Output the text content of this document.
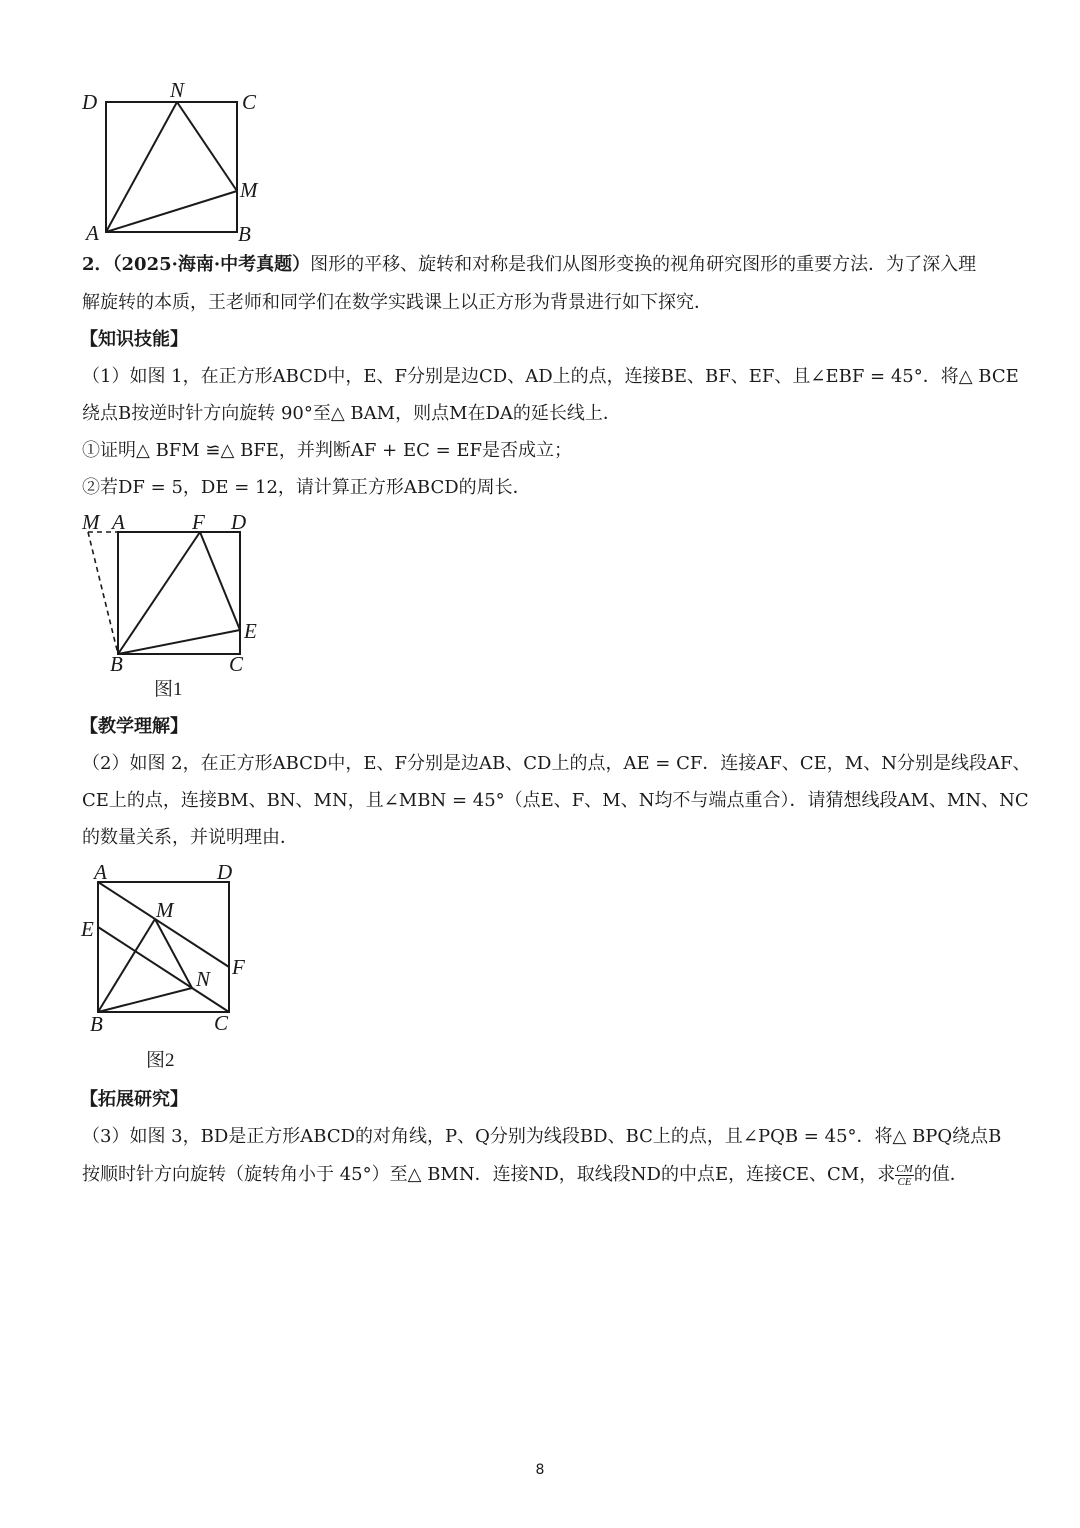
D	N	C
M
A	B
2．（2025·海南·中考真题）图形的平移、旋转和对称是我们从图形变换的视角研究图形的重要方法．为了深入理
解旋转的本质，王老师和同学们在数学实践课上以正方形为背景进行如下探究．
【知识技能】
（1）如图 1，在正方形ABCD中，E、F分别是边CD、AD上的点，连接BE、BF、EF、且∠EBF = 45°．将△ BCE
绕点B按逆时针方向旋转 90°至△ BAM，则点M在DA的延长线上．
①证明△ BFM ≌△ BFE，并判断AF + EC = EF是否成立；
②若DF = 5，DE = 12，请计算正方形ABCD的周长．
M A	F D
E
B	C
图1
【教学理解】
（2）如图 2，在正方形ABCD中，E、F分别是边AB、CD上的点，AE = CF．连接AF、CE，M、N分别是线段AF、
CE上的点，连接BM、BN、MN，且∠MBN = 45°（点E、F、M、N均不与端点重合）．请猜想线段AM、MN、NC
的数量关系，并说明理由．
A	D
M
E
F
N
B	C
图2
【拓展研究】
（3）如图 3，BD是正方形ABCD的对角线，P、Q分别为线段BD、BC上的点，且∠PQB = 45°．将△ BPQ绕点B
按顺时针方向旋转（旋转角小于 45°）至△ BMN．连接ND，取线段ND的中点E，连接CE、CM，求 $\frac{CM}{CE}$ 的值．
8
